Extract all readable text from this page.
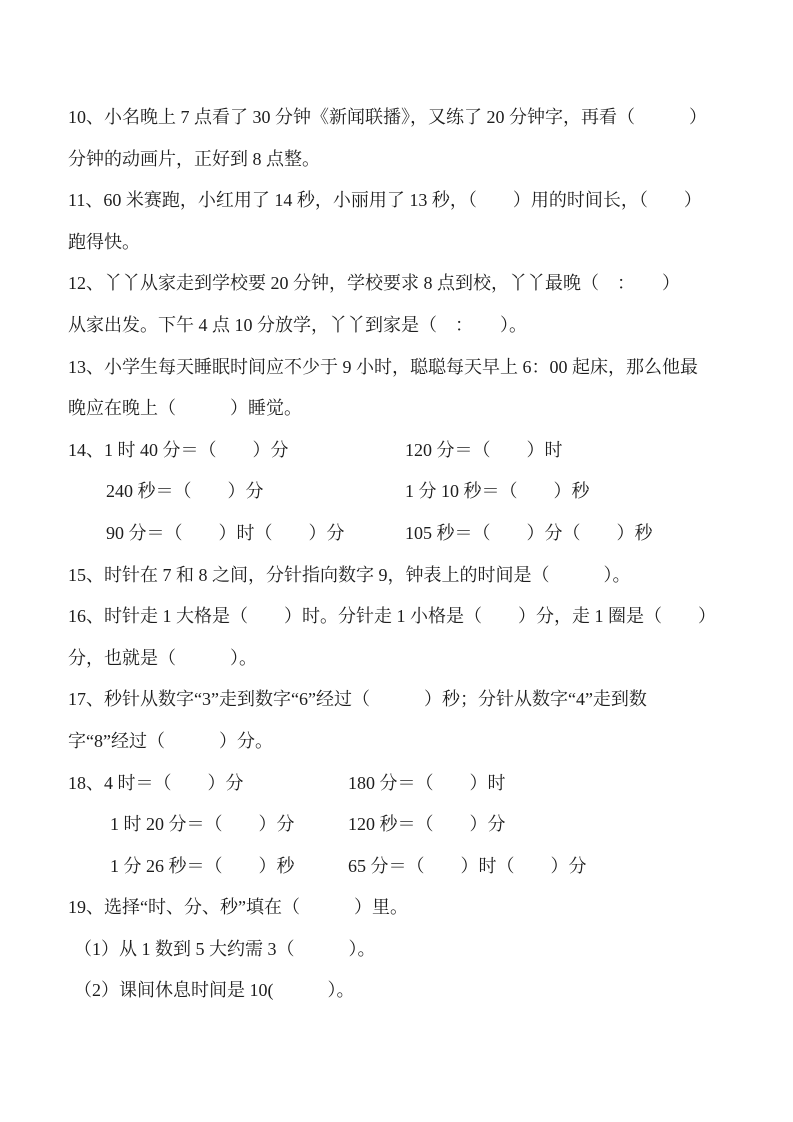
10、小名晚上 7 点看了 30 分钟《新闻联播》，又练了 20 分钟字，再看（　　　）
分钟的动画片，正好到 8 点整。
11、60 米赛跑，小红用了 14 秒，小丽用了 13 秒，（　　）用的时间长，（　　）
跑得快。
12、丫丫从家走到学校要 20 分钟，学校要求 8 点到校，丫丫最晚（　：　　）
从家出发。下午 4 点 10 分放学，丫丫到家是（　：　　）。
13、小学生每天睡眠时间应不少于 9 小时，聪聪每天早上 6：00 起床，那么他最
晚应在晚上（　　　）睡觉。
14、1 时 40 分＝（　　）分	120 分＝（　　）时
240 秒＝（　　）分	1 分 10 秒＝（　　）秒
90 分＝（　　）时（　　）分	105 秒＝（　　）分（　　）秒
15、时针在 7 和 8 之间，分针指向数字 9，钟表上的时间是（　　　）。
16、时针走 1 大格是（　　）时。分针走 1 小格是（　　）分，走 1 圈是（　　）
分，也就是（　　　）。
17、秒针从数字“3”走到数字“6”经过（　　　）秒；分针从数字“4”走到数
字“8”经过（　　　）分。
18、4 时＝（　　）分	180 分＝（　　）时
1 时 20 分＝（　　）分	120 秒＝（　　）分
1 分 26 秒＝（　　）秒	65 分＝（　　）时（　　）分
19、选择“时、分、秒”填在（　　　）里。
（1）从 1 数到 5 大约需 3（　　　）。
（2）课间休息时间是 10(　　　）。
